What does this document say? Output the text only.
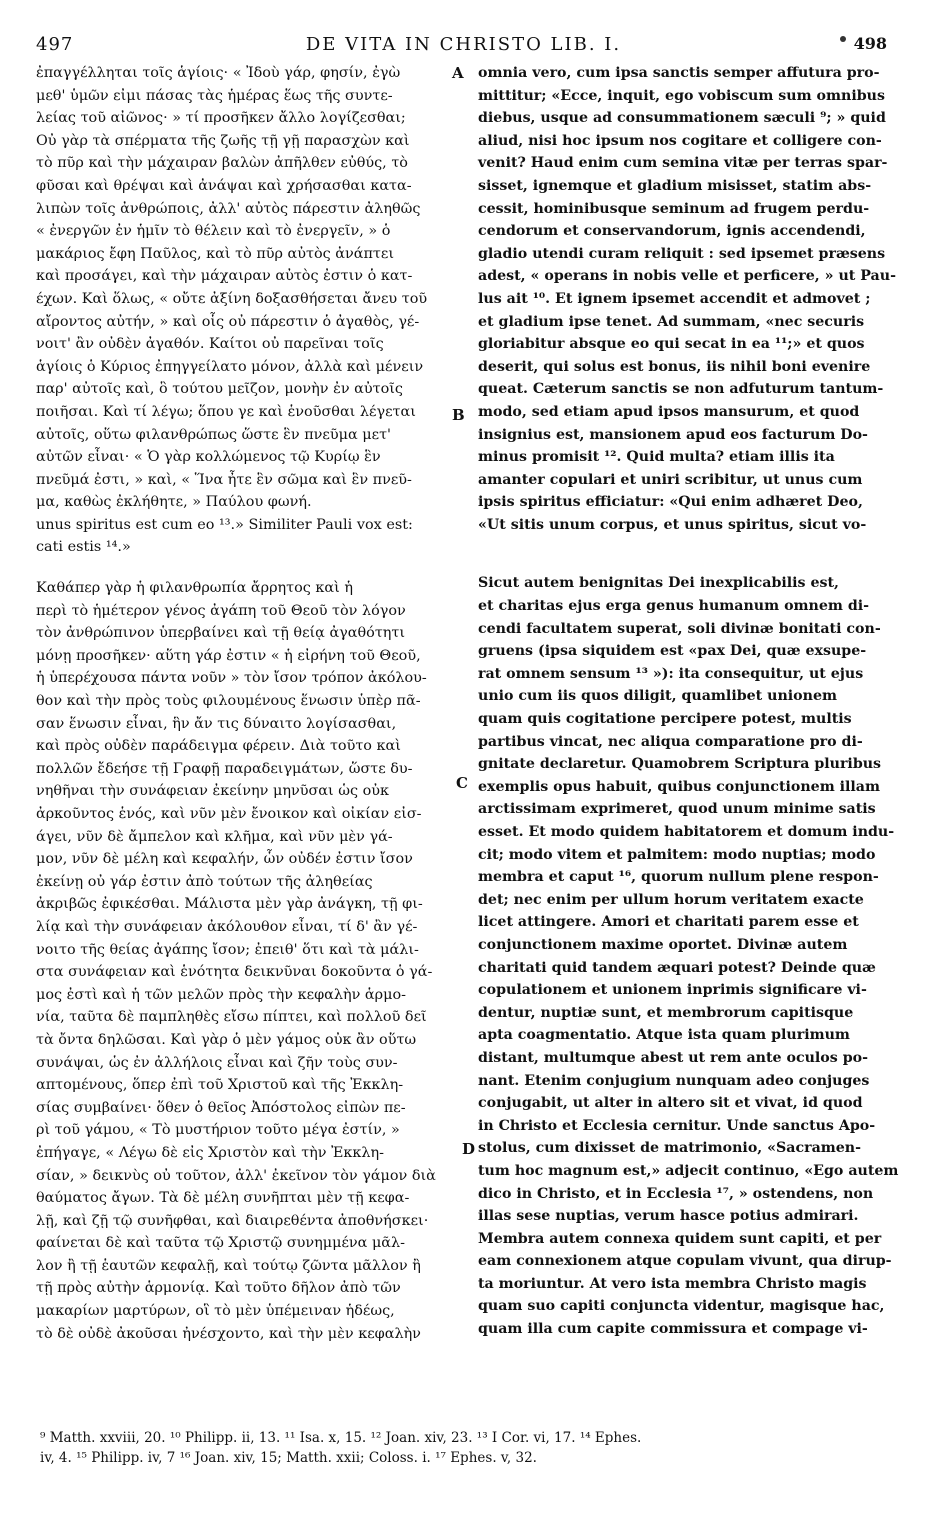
497	DE VITA IN CHRISTO LIB. I.	498
ἐπαγγέλληται τοῖς ἁγίοις· « Ἰδοὺ γάρ, φησίν, ἐγὼ
μεθ' ὑμῶν εἰμι πάσας τὰς ἡμέρας ἕως τῆς συντε-
λείας τοῦ αἰῶνος· » τί προσῆκεν ἄλλο λογίζεσθαι;
Οὐ γὰρ τὰ σπέρματα τῆς ζωῆς τῇ γῇ παρασχὼν καὶ
τὸ πῦρ καὶ τὴν μάχαιραν βαλὼν ἀπῆλθεν εὐθύς, τὸ
φῦσαι καὶ θρέψαι καὶ ἀνάψαι καὶ χρήσασθαι κατα-
λιπὼν τοῖς ἀνθρώποις, ἀλλ' αὐτὸς πάρεστιν ἀληθῶς
« ἐνεργῶν ἐν ἡμῖν τὸ θέλειν καὶ τὸ ἐνεργεῖν, » ὁ
μακάριος ἔφη Παῦλος, καὶ τὸ πῦρ αὐτὸς ἀνάπτει
καὶ προσάγει, καὶ τὴν μάχαιραν αὐτὸς ἐστιν ὁ κατ-
έχων. Καὶ ὅλως, « οὔτε ἀξίνη δοξασθήσεται ἄνευ τοῦ
αἴροντος αὐτήν, » καὶ οἷς οὐ πάρεστιν ὁ ἀγαθὸς, γέ-
νοιτ' ἂν οὐδὲν ἀγαθόν. Καίτοι οὐ παρεῖναι τοῖς
ἁγίοις ὁ Κύριος ἐπηγγείλατο μόνον, ἀλλὰ καὶ μένειν
παρ' αὐτοῖς καὶ, ὃ τούτου μεῖζον, μονὴν ἐν αὐτοῖς
ποιῆσαι. Καὶ τί λέγω; ὅπου γε καὶ ἑνοῦσθαι λέγεται
αὐτοῖς, οὕτω φιλανθρώπως ὥστε ἓν πνεῦμα μετ'
αὐτῶν εἶναι· « Ὁ γὰρ κολλώμενος τῷ Κυρίῳ ἓν
πνεῦμά ἐστι, » καὶ, « Ἵνα ἦτε ἓν σῶμα καὶ ἓν πνεῦ-
μα, καθὼς ἐκλήθητε, » Παύλου φωνή.
unus spiritus est cum eo ¹³.» Similiter Pauli vox est:
cati estis ¹⁴.»
Καθάπερ γὰρ ἡ φιλανθρωπία ἄρρητος καὶ ἡ
περὶ τὸ ἡμέτερον γένος ἀγάπη τοῦ Θεοῦ τὸν λόγον
τὸν ἀνθρώπινον ὑπερβαίνει καὶ τῇ θείᾳ ἀγαθότητι
μόνῃ προσῆκεν· αὕτη γάρ ἐστιν « ἡ εἰρήνη τοῦ Θεοῦ,
ἡ ὑπερέχουσα πάντα νοῦν » τὸν ἴσον τρόπον ἀκόλου-
θον καὶ τὴν πρὸς τοὺς φιλουμένους ἕνωσιν ὑπὲρ πᾶ-
σαν ἕνωσιν εἶναι, ἣν ἄν τις δύναιτο λογίσασθαι,
καὶ πρὸς οὐδὲν παράδειγμα φέρειν. Διὰ τοῦτο καὶ
πολλῶν ἔδεήσε τῇ Γραφῇ παραδειγμάτων, ὥστε δυ-
νηθῆναι τὴν συνάφειαν ἐκείνην μηνῦσαι ὡς οὐκ
ἀρκοῦντος ἑνός, καὶ νῦν μὲν ἔνοικον καὶ οἰκίαν εἰσ-
άγει, νῦν δὲ ἄμπελον καὶ κλῆμα, καὶ νῦν μὲν γά-
μον, νῦν δὲ μέλη καὶ κεφαλήν, ὧν οὐδέν ἐστιν ἴσον
ἐκείνῃ οὐ γάρ ἐστιν ἀπὸ τούτων τῆς ἀληθείας
ἀκριβῶς ἐφικέσθαι. Μάλιστα μὲν γὰρ ἀνάγκη, τῇ φι-
λίᾳ καὶ τὴν συνάφειαν ἀκόλουθον εἶναι, τί δ' ἂν γέ-
νοιτο τῆς θείας ἀγάπης ἴσον; ἐπειθ' ὅτι καὶ τὰ μάλι-
στα συνάφειαν καὶ ἑνότητα δεικνῦναι δοκοῦντα ὁ γά-
μος ἐστὶ καὶ ἡ τῶν μελῶν πρὸς τὴν κεφαλὴν ἁρμο-
νία, ταῦτα δὲ παμπληθὲς εἴσω πίπτει, καὶ πολλοῦ δεῖ
τὰ ὄντα δηλῶσαι. Καὶ γὰρ ὁ μὲν γάμος οὐκ ἂν οὕτω
συνάψαι, ὡς ἐν ἀλλήλοις εἶναι καὶ ζῆν τοὺς συν-
απτομένους, ὅπερ ἐπὶ τοῦ Χριστοῦ καὶ τῆς Ἐκκλη-
σίας συμβαίνει· ὅθεν ὁ θεῖος Ἀπόστολος εἰπὼν πε-
ρὶ τοῦ γάμου, « Τὸ μυστήριον τοῦτο μέγα ἐστίν, »
ἐπήγαγε, « Λέγω δὲ εἰς Χριστὸν καὶ τὴν Ἐκκλη-
σίαν, » δεικνὺς οὐ τοῦτον, ἀλλ' ἐκεῖνον τὸν γάμον διὰ
θαύματος ἄγων. Τὰ δὲ μέλη συνῆπται μὲν τῇ κεφα-
λῇ, καὶ ζῇ τῷ συνῆφθαι, καὶ διαιρεθέντα ἀποθνήσκει·
φαίνεται δὲ καὶ ταῦτα τῷ Χριστῷ συνημμένα μᾶλ-
λον ἢ τῇ ἑαυτῶν κεφαλῇ, καὶ τούτῳ ζῶντα μᾶλλον ἢ
τῇ πρὸς αὐτὴν ἁρμονίᾳ. Καὶ τοῦτο δῆλον ἀπὸ τῶν
μακαρίων μαρτύρων, οἳ τὸ μὲν ὑπέμειναν ἡδέως,
τὸ δὲ οὐδὲ ἀκοῦσαι ἠνέσχοντο, καὶ τὴν μὲν κεφαλὴν
omnia vero, cum ipsa sanctis semper affutura pro-
mittitur; «Ecce, inquit, ego vobiscum sum omnibus
diebus, usque ad consummationem sæculi ⁹; » quid
aliud, nisi hoc ipsum nos cogitare et colligere con-
venit? Haud enim cum semina vitæ per terras spar-
sisset, ignemque et gladium misisset, statim abs-
cessit, hominibusque seminum ad frugem perdu-
cendorum et conservandorum, ignis accendendi,
gladio utendi curam reliquit : sed ipsemet præsens
adest, « operans in nobis velle et perficere, » ut Pau-
lus ait ¹⁰. Et ignem ipsemet accendit et admovet ;
et gladium ipse tenet. Ad summam, «nec securis
gloriabitur absque eo qui secat in ea ¹¹;» et quos
deserit, qui solus est bonus, iis nihil boni evenire
queat. Cæterum sanctis se non adfuturum tantum-
modo, sed etiam apud ipsos mansurum, et quod
insignius est, mansionem apud eos facturum Do-
minus promisit ¹². Quid multa? etiam illis ita
amanter copulari et uniri scribitur, ut unus cum
ipsis spiritus efficiatur: «Qui enim adhæret Deo,
«Ut sitis unum corpus, et unus spiritus, sicut vo-
Sicut autem benignitas Dei inexplicabilis est,
et charitas ejus erga genus humanum omnem di-
cendi facultatem superat, soli divinæ bonitati con-
gruens (ipsa siquidem est «pax Dei, quæ exsupe-
rat omnem sensum ¹³ »): ita consequitur, ut ejus
unio cum iis quos diligit, quamlibet unionem
quam quis cogitatione percipere potest, multis
partibus vincat, nec aliqua comparatione pro di-
gnitate declaretur. Quamobrem Scriptura pluribus
exemplis opus habuit, quibus conjunctionem illam
arctissimam exprimeret, quod unum minime satis
esset. Et modo quidem habitatorem et domum indu-
cit; modo vitem et palmitem: modo nuptias; modo
membra et caput ¹⁶, quorum nullum plene respon-
det; nec enim per ullum horum veritatem exacte
licet attingere. Amori et charitati parem esse et
conjunctionem maxime oportet. Divinæ autem
charitati quid tandem æquari potest? Deinde quæ
copulationem et unionem inprimis significare vi-
dentur, nuptiæ sunt, et membrorum capitisque
apta coagmentatio. Atque ista quam plurimum
distant, multumque abest ut rem ante oculos po-
nant. Etenim conjugium nunquam adeo conjuges
conjugabit, ut alter in altero sit et vivat, id quod
in Christo et Ecclesia cernitur. Unde sanctus Apo-
stolus, cum dixisset de matrimonio, «Sacramen-
tum hoc magnum est,» adjecit continuo, «Ego autem
dico in Christo, et in Ecclesia ¹⁷, » ostendens, non
illas sese nuptias, verum hasce potius admirari.
Membra autem connexa quidem sunt capiti, et per
eam connexionem atque copulam vivunt, qua dirup-
ta moriuntur. At vero ista membra Christo magis
quam suo capiti conjuncta videntur, magisque hac,
quam illa cum capite commissura et compage vi-
A
B
C
D
⁹ Matth. xxviii, 20. ¹⁰ Philipp. ii, 13. ¹¹ Isa. x, 15. ¹² Joan. xiv, 23. ¹³ I Cor. vi, 17. ¹⁴ Ephes.
iv, 4. ¹⁵ Philipp. iv, 7 ¹⁶ Joan. xiv, 15; Matth. xxii; Coloss. i. ¹⁷ Ephes. v, 32.
